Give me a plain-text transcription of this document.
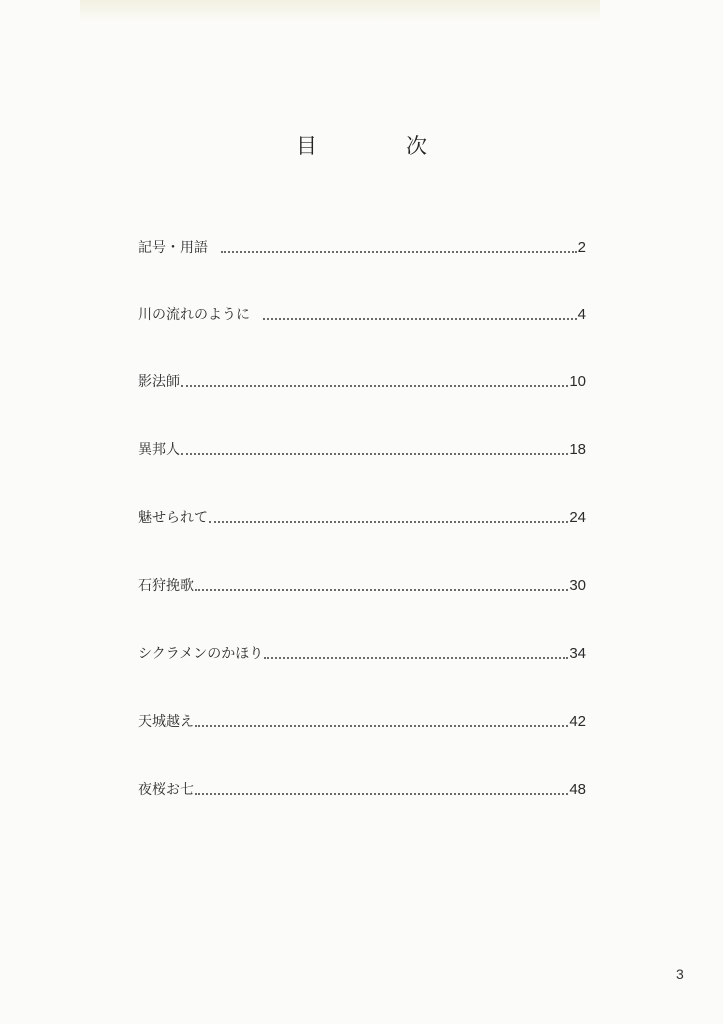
目　次
記号・用語	2
川の流れのように	4
影法師	10
異邦人	18
魅せられて	24
石狩挽歌	30
シクラメンのかほり	34
天城越え	42
夜桜お七	48
3
